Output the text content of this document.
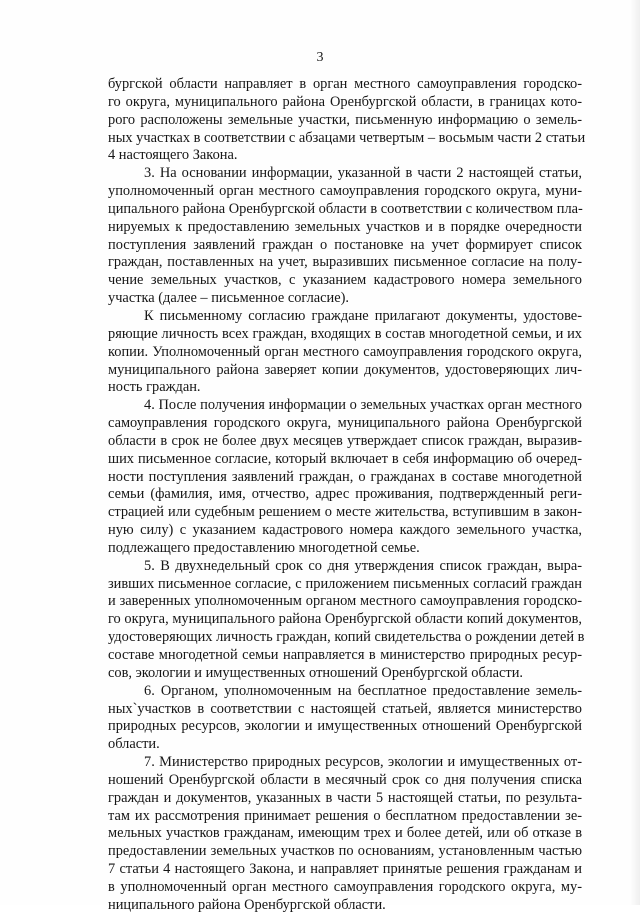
3
бургской области направляет в орган местного самоуправления городско-
го округа, муниципального района Оренбургской области, в границах кото-
рого расположены земельные участки, письменную информацию о земель-
ных участках в соответствии с абзацами четвертым – восьмым части 2 статьи
4 настоящего Закона.
3. На основании информации, указанной в части 2 настоящей статьи,
уполномоченный орган местного самоуправления городского округа, муни-
ципального района Оренбургской области в соответствии с количеством пла-
нируемых к предоставлению земельных участков и в порядке очередности
поступления заявлений граждан о постановке на учет формирует список
граждан, поставленных на учет, выразивших письменное согласие на полу-
чение земельных участков, с указанием кадастрового номера земельного
участка (далее – письменное согласие).
К письменному согласию граждане прилагают документы, удостове-
ряющие личность всех граждан, входящих в состав многодетной семьи, и их
копии. Уполномоченный орган местного самоуправления городского округа,
муниципального района заверяет копии документов, удостоверяющих лич-
ность граждан.
4. После получения информации о земельных участках орган местного
самоуправления городского округа, муниципального района Оренбургской
области в срок не более двух месяцев утверждает список граждан, выразив-
ших письменное согласие, который включает в себя информацию об очеред-
ности поступления заявлений граждан, о гражданах в составе многодетной
семьи (фамилия, имя, отчество, адрес проживания, подтвержденный реги-
страцией или судебным решением о месте жительства, вступившим в закон-
ную силу) с указанием кадастрового номера каждого земельного участка,
подлежащего предоставлению многодетной семье.
5. В двухнедельный срок со дня утверждения список граждан, выра-
зивших письменное согласие, с приложением письменных согласий граждан
и заверенных уполномоченным органом местного самоуправления городско-
го округа, муниципального района Оренбургской области копий документов,
удостоверяющих личность граждан, копий свидетельства о рождении детей в
составе многодетной семьи направляется в министерство природных ресур-
сов, экологии и имущественных отношений Оренбургской области.
6. Органом, уполномоченным на бесплатное предоставление земель-
ных`участков в соответствии с настоящей статьей, является министерство
природных ресурсов, экологии и имущественных отношений Оренбургской
области.
7. Министерство природных ресурсов, экологии и имущественных от-
ношений Оренбургской области в месячный срок со дня получения списка
граждан и документов, указанных в части 5 настоящей статьи, по результа-
там их рассмотрения принимает решения о бесплатном предоставлении зе-
мельных участков гражданам, имеющим трех и более детей, или об отказе в
предоставлении земельных участков по основаниям, установленным частью
7 статьи 4 настоящего Закона, и направляет принятые решения гражданам и
в уполномоченный орган местного самоуправления городского округа, му-
ниципального района Оренбургской области.
